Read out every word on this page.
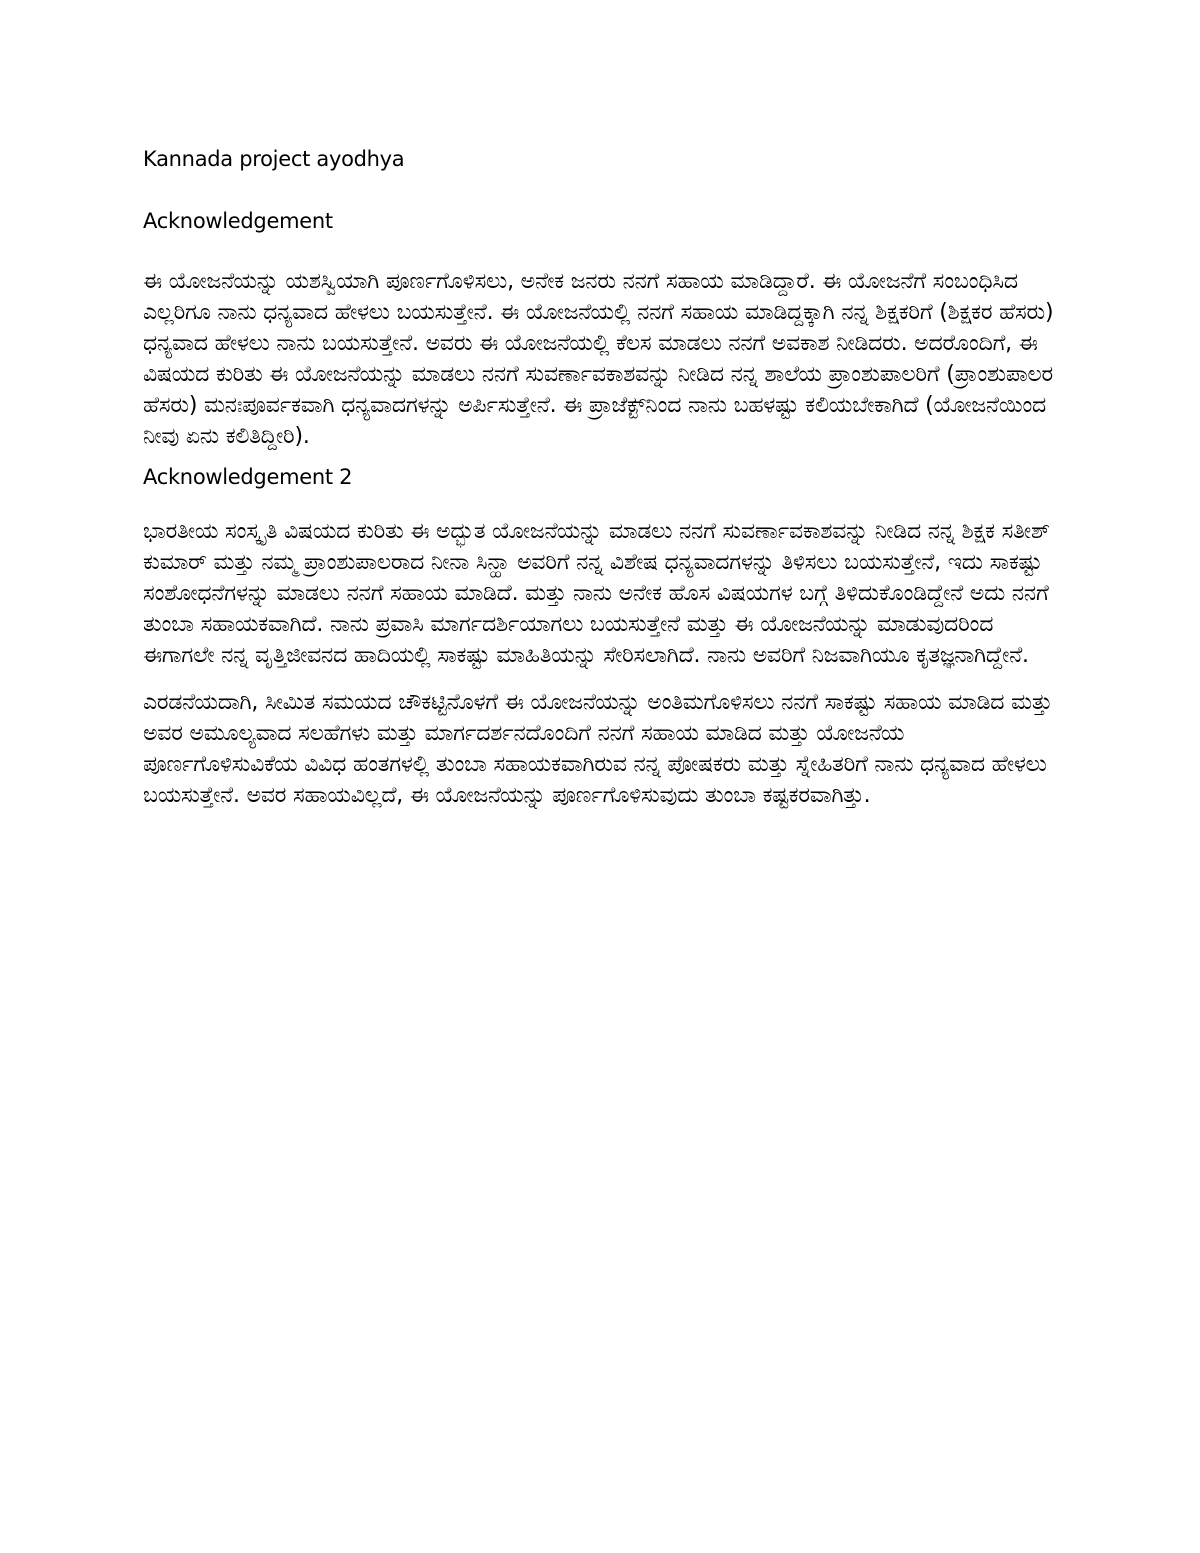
Kannada project ayodhya

Acknowledgement

ಈ ಯೋಜನೆಯನ್ನು ಯಶಸ್ವಿಯಾಗಿ ಪೂರ್ಣಗೊಳಿಸಲು, ಅನೇಕ ಜನರು ನನಗೆ ಸಹಾಯ ಮಾಡಿದ್ದಾರೆ. ಈ ಯೋಜನೆಗೆ ಸಂಬಂಧಿಸಿದ ಎಲ್ಲರಿಗೂ ನಾನು ಧನ್ಯವಾದ ಹೇಳಲು ಬಯಸುತ್ತೇನೆ. ಈ ಯೋಜನೆಯಲ್ಲಿ ನನಗೆ ಸಹಾಯ ಮಾಡಿದ್ದಕ್ಕಾಗಿ ನನ್ನ ಶಿಕ್ಷಕರಿಗೆ (ಶಿಕ್ಷಕರ ಹೆಸರು) ಧನ್ಯವಾದ ಹೇಳಲು ನಾನು ಬಯಸುತ್ತೇನೆ. ಅವರು ಈ ಯೋಜನೆಯಲ್ಲಿ ಕೆಲಸ ಮಾಡಲು ನನಗೆ ಅವಕಾಶ ನೀಡಿದರು. ಅದರೊಂದಿಗೆ, ಈ ವಿಷಯದ ಕುರಿತು ಈ ಯೋಜನೆಯನ್ನು ಮಾಡಲು ನನಗೆ ಸುವರ್ಣಾವಕಾಶವನ್ನು ನೀಡಿದ ನನ್ನ ಶಾಲೆಯ ಪ್ರಾಂಶುಪಾಲರಿಗೆ (ಪ್ರಾಂಶುಪಾಲರ ಹೆಸರು) ಮನಃಪೂರ್ವಕವಾಗಿ ಧನ್ಯವಾದಗಳನ್ನು ಅರ್ಪಿಸುತ್ತೇನೆ. ಈ ಪ್ರಾಜೆಕ್ಟ್‌ನಿಂದ ನಾನು ಬಹಳಷ್ಟು ಕಲಿಯಬೇಕಾಗಿದೆ (ಯೋಜನೆಯಿಂದ ನೀವು ಏನು ಕಲಿತಿದ್ದೀರಿ).

Acknowledgement 2

ಭಾರತೀಯ ಸಂಸ್ಕೃತಿ ವಿಷಯದ ಕುರಿತು ಈ ಅದ್ಭುತ ಯೋಜನೆಯನ್ನು ಮಾಡಲು ನನಗೆ ಸುವರ್ಣಾವಕಾಶವನ್ನು ನೀಡಿದ ನನ್ನ ಶಿಕ್ಷಕ ಸತೀಶ್ ಕುಮಾರ್ ಮತ್ತು ನಮ್ಮ ಪ್ರಾಂಶುಪಾಲರಾದ ನೀನಾ ಸಿನ್ಹಾ ಅವರಿಗೆ ನನ್ನ ವಿಶೇಷ ಧನ್ಯವಾದಗಳನ್ನು ತಿಳಿಸಲು ಬಯಸುತ್ತೇನೆ, ಇದು ಸಾಕಷ್ಟು ಸಂಶೋಧನೆಗಳನ್ನು ಮಾಡಲು ನನಗೆ ಸಹಾಯ ಮಾಡಿದೆ. ಮತ್ತು ನಾನು ಅನೇಕ ಹೊಸ ವಿಷಯಗಳ ಬಗ್ಗೆ ತಿಳಿದುಕೊಂಡಿದ್ದೇನೆ ಅದು ನನಗೆ ತುಂಬಾ ಸಹಾಯಕವಾಗಿದೆ. ನಾನು ಪ್ರವಾಸಿ ಮಾರ್ಗದರ್ಶಿಯಾಗಲು ಬಯಸುತ್ತೇನೆ ಮತ್ತು ಈ ಯೋಜನೆಯನ್ನು ಮಾಡುವುದರಿಂದ ಈಗಾಗಲೇ ನನ್ನ ವೃತ್ತಿಜೀವನದ ಹಾದಿಯಲ್ಲಿ ಸಾಕಷ್ಟು ಮಾಹಿತಿಯನ್ನು ಸೇರಿಸಲಾಗಿದೆ. ನಾನು ಅವರಿಗೆ ನಿಜವಾಗಿಯೂ ಕೃತಜ್ಞನಾಗಿದ್ದೇನೆ.

ಎರಡನೆಯದಾಗಿ, ಸೀಮಿತ ಸಮಯದ ಚೌಕಟ್ಟಿನೊಳಗೆ ಈ ಯೋಜನೆಯನ್ನು ಅಂತಿಮಗೊಳಿಸಲು ನನಗೆ ಸಾಕಷ್ಟು ಸಹಾಯ ಮಾಡಿದ ಮತ್ತು ಅವರ ಅಮೂಲ್ಯವಾದ ಸಲಹೆಗಳು ಮತ್ತು ಮಾರ್ಗದರ್ಶನದೊಂದಿಗೆ ನನಗೆ ಸಹಾಯ ಮಾಡಿದ ಮತ್ತು ಯೋಜನೆಯ ಪೂರ್ಣಗೊಳಿಸುವಿಕೆಯ ವಿವಿಧ ಹಂತಗಳಲ್ಲಿ ತುಂಬಾ ಸಹಾಯಕವಾಗಿರುವ ನನ್ನ ಪೋಷಕರು ಮತ್ತು ಸ್ನೇಹಿತರಿಗೆ ನಾನು ಧನ್ಯವಾದ ಹೇಳಲು ಬಯಸುತ್ತೇನೆ. ಅವರ ಸಹಾಯವಿಲ್ಲದೆ, ಈ ಯೋಜನೆಯನ್ನು ಪೂರ್ಣಗೊಳಿಸುವುದು ತುಂಬಾ ಕಷ್ಟಕರವಾಗಿತ್ತು.
